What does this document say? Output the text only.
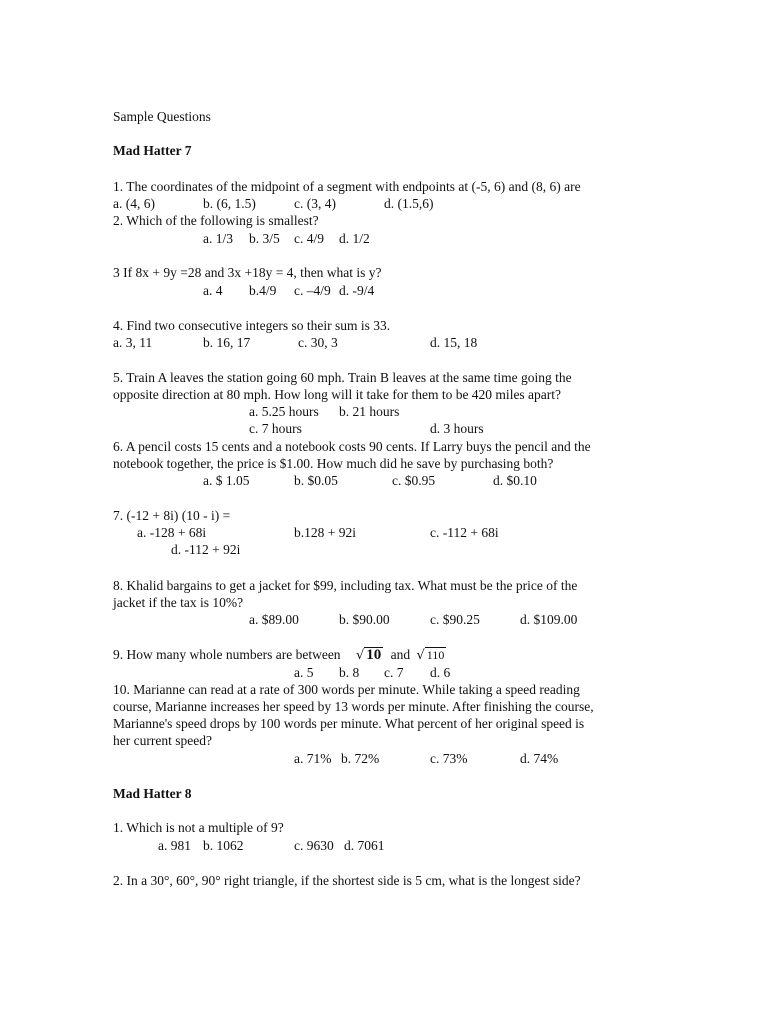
Sample Questions
Mad Hatter 7
1. The coordinates of the midpoint of a segment with endpoints at (-5, 6) and (8, 6) are
a. (4, 6)	b. (6, 1.5)	c. (3, 4)	d. (1.5,6)
2. Which of the following is smallest?
a. 1/3 b. 3/5 c. 4/9 d. 1/2
3 If 8x + 9y =28 and 3x +18y = 4, then what is y?
a. 4 b.4/9 c. –4/9 d. -9/4
4. Find two consecutive integers so their sum is 33.
a. 3, 11	b. 16, 17	c. 30, 3	d. 15, 18
5. Train A leaves the station going 60 mph. Train B leaves at the same time going the
opposite direction at 80 mph. How long will it take for them to be 420 miles apart?
a. 5.25 hours b. 21 hours
c. 7 hours	d. 3 hours
6. A pencil costs 15 cents and a notebook costs 90 cents. If Larry buys the pencil and the
notebook together, the price is $1.00. How much did he save by purchasing both?
a. $ 1.05	b. $0.05	c. $0.95	d. $0.10
7. (-12 + 8i) (10 - i) =
a. -128 + 68i	b.128 + 92i	c. -112 + 68i
d. -112 + 92i
8. Khalid bargains to get a jacket for $99, including tax. What must be the price of the
jacket if the tax is 10%?
a. $89.00	b. $90.00	c. $90.25	d. $109.00
9. How many whole numbers are between √ 10 and √ 110
a. 5 b. 8 c. 7 d. 6
10. Marianne can read at a rate of 300 words per minute. While taking a speed reading
course, Marianne increases her speed by 13 words per minute. After finishing the course,
Marianne's speed drops by 100 words per minute. What percent of her original speed is
her current speed?
a. 71% b. 72%	c. 73%	d. 74%
Mad Hatter 8
1. Which is not a multiple of 9?
a. 981 b. 1062	c. 9630 d. 7061
2. In a 30°, 60°, 90° right triangle, if the shortest side is 5 cm, what is the longest side?
